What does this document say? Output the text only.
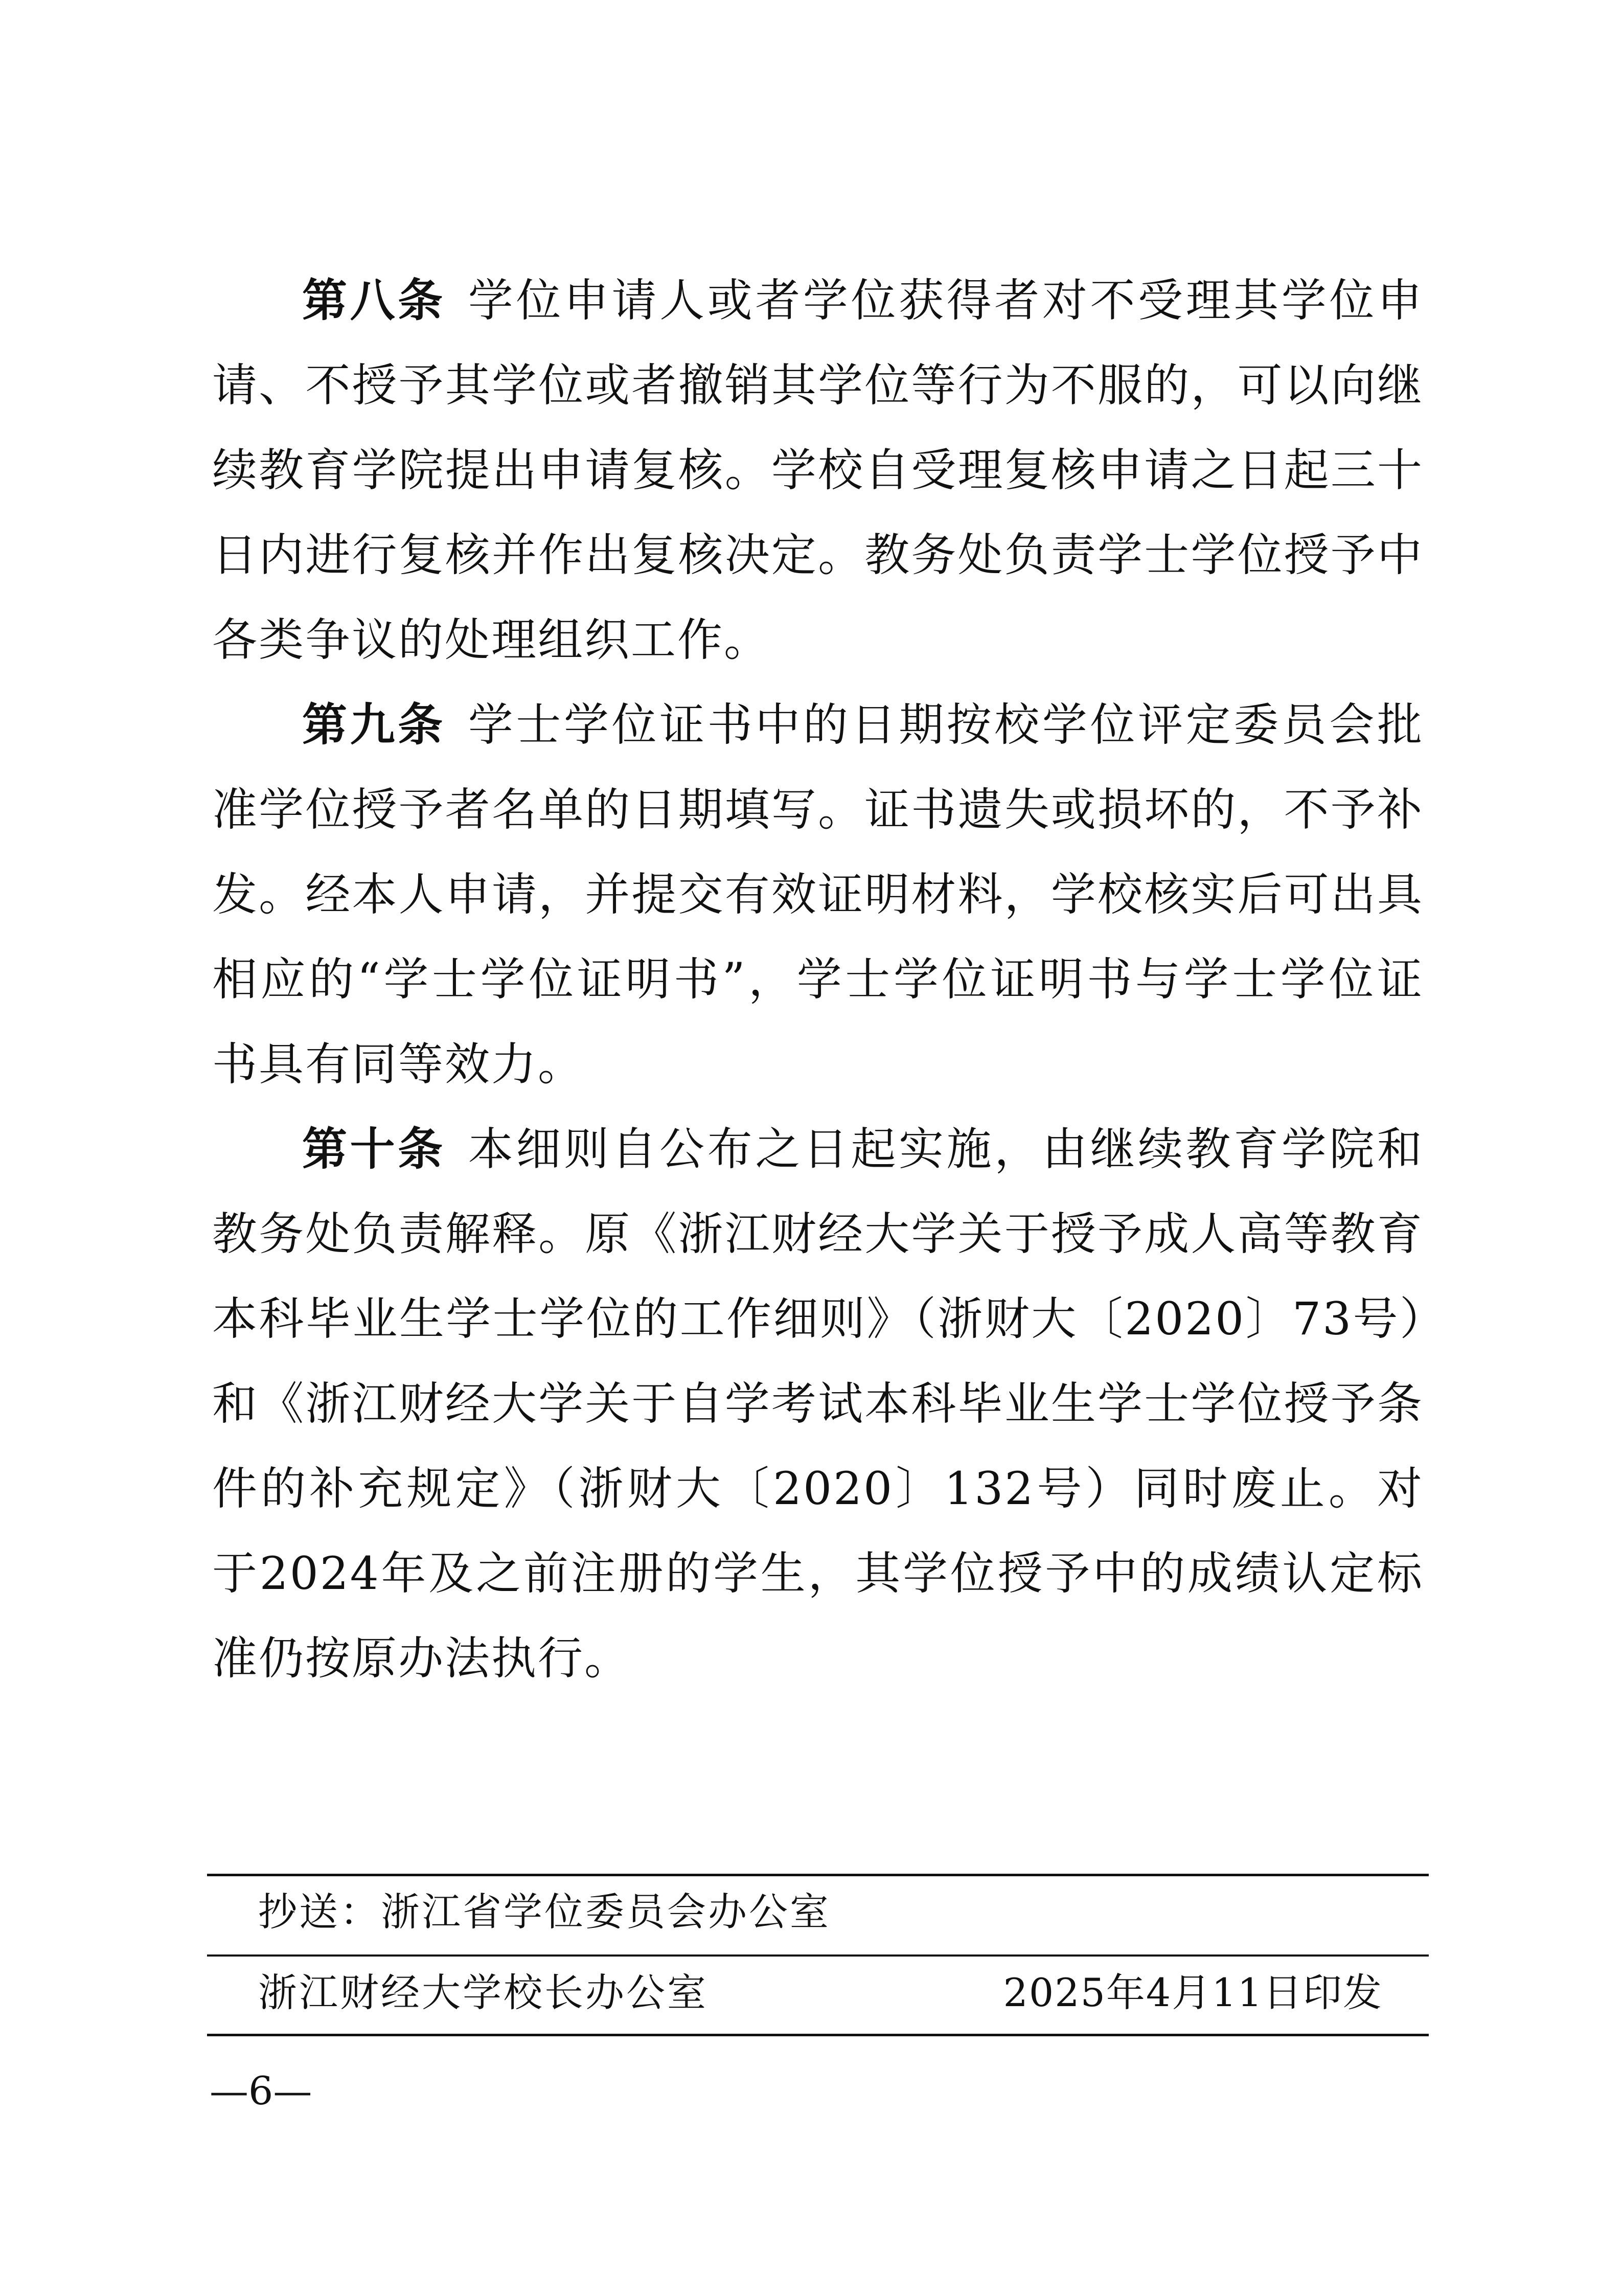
第八条 学位申请人或者学位获得者对不受理其学位申请、不授予其学位或者撤销其学位等行为不服的，可以向继续教育学院提出申请复核。学校自受理复核申请之日起三十日内进行复核并作出复核决定。教务处负责学士学位授予中各类争议的处理组织工作。

第九条 学士学位证书中的日期按校学位评定委员会批准学位授予者名单的日期填写。证书遗失或损坏的，不予补发。经本人申请，并提交有效证明材料，学校核实后可出具相应的“学士学位证明书”，学士学位证明书与学士学位证书具有同等效力。

第十条 本细则自公布之日起实施，由继续教育学院和教务处负责解释。原《浙江财经大学关于授予成人高等教育本科毕业生学士学位的工作细则》（浙财大〔2020〕73号）和《浙江财经大学关于自学考试本科毕业生学士学位授予条件的补充规定》（浙财大〔2020〕132号）同时废止。对于2024年及之前注册的学生，其学位授予中的成绩认定标准仍按原办法执行。

抄送：浙江省学位委员会办公室
浙江财经大学校长办公室	2025年4月11日印发
—6—
